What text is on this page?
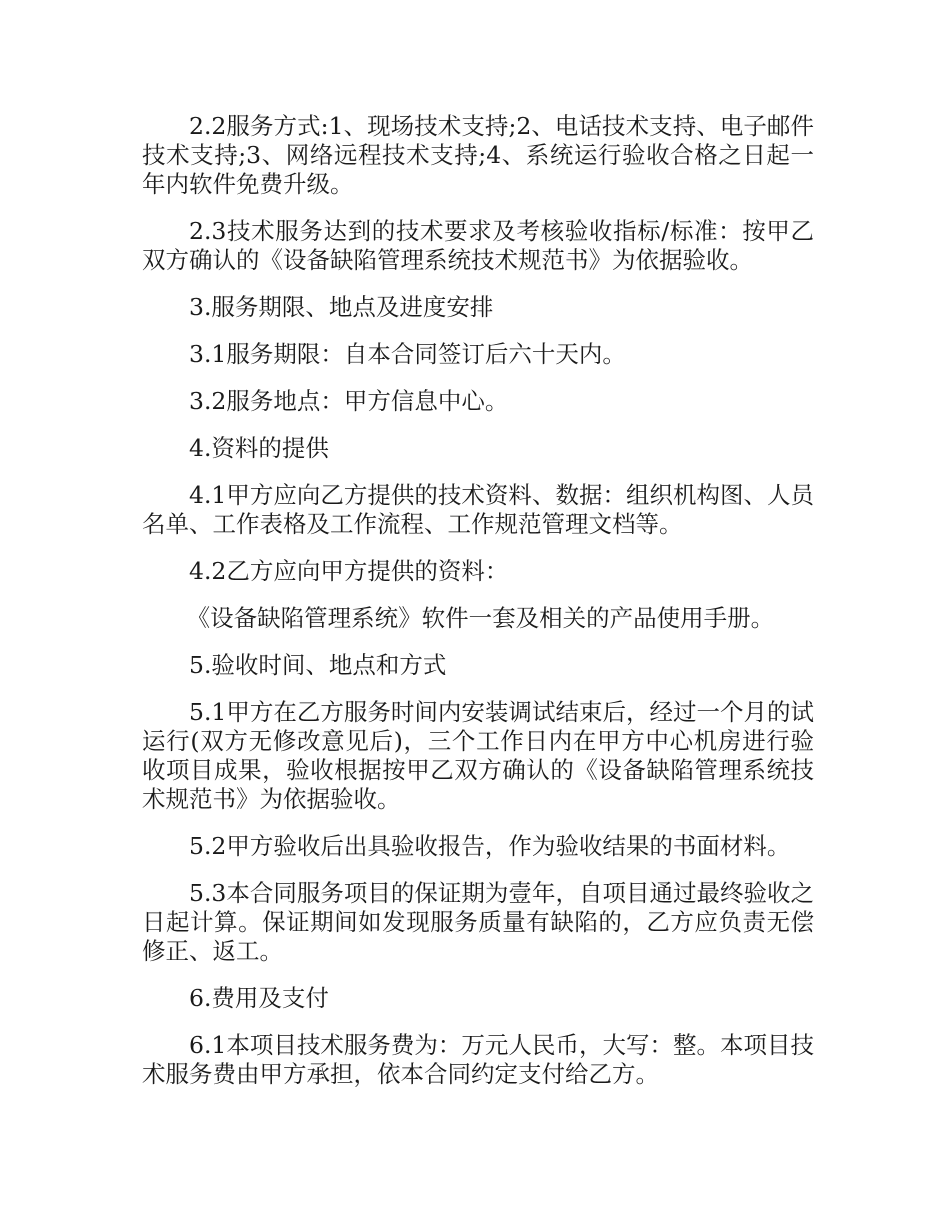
2.2服务方式:1、现场技术支持;2、电话技术支持、电子邮件技术支持;3、网络远程技术支持;4、系统运行验收合格之日起一年内软件免费升级。

2.3技术服务达到的技术要求及考核验收指标/标准：按甲乙双方确认的《设备缺陷管理系统技术规范书》为依据验收。

3.服务期限、地点及进度安排

3.1服务期限：自本合同签订后六十天内。

3.2服务地点：甲方信息中心。

4.资料的提供

4.1甲方应向乙方提供的技术资料、数据：组织机构图、人员名单、工作表格及工作流程、工作规范管理文档等。

4.2乙方应向甲方提供的资料：

《设备缺陷管理系统》软件一套及相关的产品使用手册。

5.验收时间、地点和方式

5.1甲方在乙方服务时间内安装调试结束后，经过一个月的试运行(双方无修改意见后)，三个工作日内在甲方中心机房进行验收项目成果，验收根据按甲乙双方确认的《设备缺陷管理系统技术规范书》为依据验收。

5.2甲方验收后出具验收报告，作为验收结果的书面材料。

5.3本合同服务项目的保证期为壹年，自项目通过最终验收之日起计算。保证期间如发现服务质量有缺陷的，乙方应负责无偿修正、返工。

6.费用及支付

6.1本项目技术服务费为：万元人民币，大写：整。本项目技术服务费由甲方承担，依本合同约定支付给乙方。
